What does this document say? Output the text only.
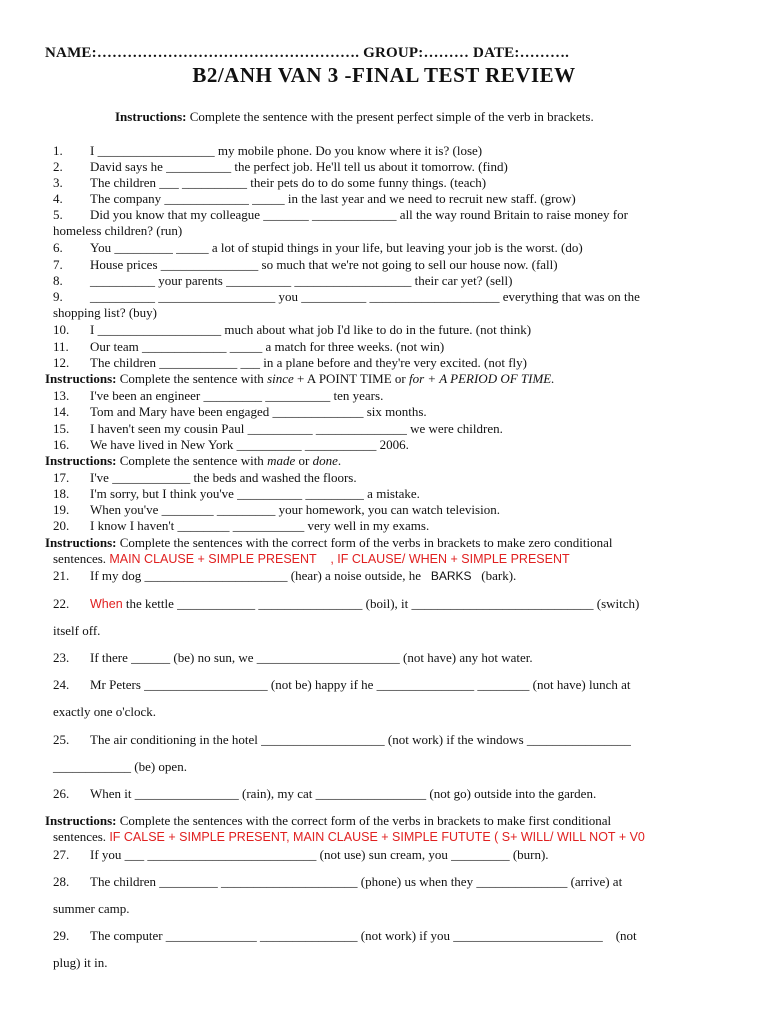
NAME:……………………………………………. GROUP:……… DATE:……….
B2/ANH VAN 3 -FINAL TEST REVIEW
Instructions: Complete the sentence with the present perfect simple of the verb in brackets.
1. I __________________ my mobile phone. Do you know where it is? (lose)
2. David says he __________ the perfect job. He'll tell us about it tomorrow. (find)
3. The children ___ __________ their pets do to do some funny things. (teach)
4. The company _____________ _____ in the last year and we need to recruit new staff. (grow)
5. Did you know that my colleague _______ _____________ all the way round Britain to raise money for
homeless children? (run)
6. You _________ _____ a lot of stupid things in your life, but leaving your job is the worst. (do)
7. House prices _______________ so much that we're not going to sell our house now. (fall)
8. __________ your parents __________ __________________ their car yet? (sell)
9. __________ __________________ you __________ ____________________ everything that was on the
shopping list? (buy)
10. I ___________________ much about what job I'd like to do in the future. (not think)
11. Our team _____________ _____ a match for three weeks. (not win)
12. The children ____________ ___ in a plane before and they're very excited. (not fly)
Instructions: Complete the sentence with since + A POINT TIME or for + A PERIOD OF TIME.
13. I've been an engineer _________ __________ ten years.
14. Tom and Mary have been engaged ______________ six months.
15. I haven't seen my cousin Paul __________ ______________ we were children.
16. We have lived in New York __________ ___________ 2006.
Instructions: Complete the sentence with made or done.
17. I've ____________ the beds and washed the floors.
18. I'm sorry, but I think you've __________ _________ a mistake.
19. When you've ________ _________ your homework, you can watch television.
20. I know I haven't ________ ___________ very well in my exams.
Instructions: Complete the sentences with the correct form of the verbs in brackets to make zero conditional
sentences. MAIN CLAUSE + SIMPLE PRESENT    , IF CLAUSE/ WHEN + SIMPLE PRESENT
21. If my dog ______________________ (hear) a noise outside, he   BARKS   (bark).
22. When the kettle ____________ ________________ (boil), it ____________________________ (switch)
itself off.
23. If there ______ (be) no sun, we ______________________ (not have) any hot water.
24. Mr Peters ___________________ (not be) happy if he _______________ ________ (not have) lunch at
exactly one o'clock.
25. The air conditioning in the hotel ___________________ (not work) if the windows ________________
____________ (be) open.
26. When it ________________ (rain), my cat _________________ (not go) outside into the garden.
Instructions: Complete the sentences with the correct form of the verbs in brackets to make first conditional
sentences. IF CALSE + SIMPLE PRESENT, MAIN CLAUSE + SIMPLE FUTUTE ( S+ WILL/ WILL NOT + V0
27. If you ___ __________________________ (not use) sun cream, you _________ (burn).
28. The children _________ _____________________ (phone) us when they ______________ (arrive) at
summer camp.
29. The computer ______________ _______________ (not work) if you _______________________    (not
plug) it in.
